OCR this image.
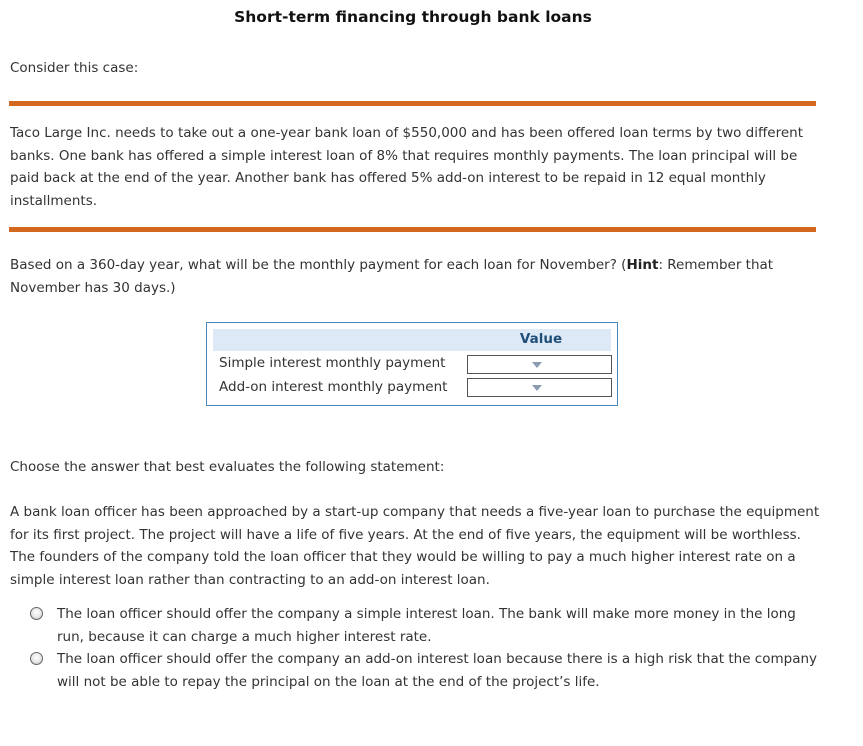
Short-term financing through bank loans
Consider this case:
Taco Large Inc. needs to take out a one-year bank loan of $550,000 and has been offered loan terms by two different banks. One bank has offered a simple interest loan of 8% that requires monthly payments. The loan principal will be paid back at the end of the year. Another bank has offered 5% add-on interest to be repaid in 12 equal monthly installments.
Based on a 360-day year, what will be the monthly payment for each loan for November? (Hint: Remember that November has 30 days.)
Value
Simple interest monthly payment
Add-on interest monthly payment
Choose the answer that best evaluates the following statement:
A bank loan officer has been approached by a start-up company that needs a five-year loan to purchase the equipment for its first project. The project will have a life of five years. At the end of five years, the equipment will be worthless. The founders of the company told the loan officer that they would be willing to pay a much higher interest rate on a simple interest loan rather than contracting to an add-on interest loan.
The loan officer should offer the company a simple interest loan. The bank will make more money in the long run, because it can charge a much higher interest rate.
The loan officer should offer the company an add-on interest loan because there is a high risk that the company will not be able to repay the principal on the loan at the end of the project’s life.
